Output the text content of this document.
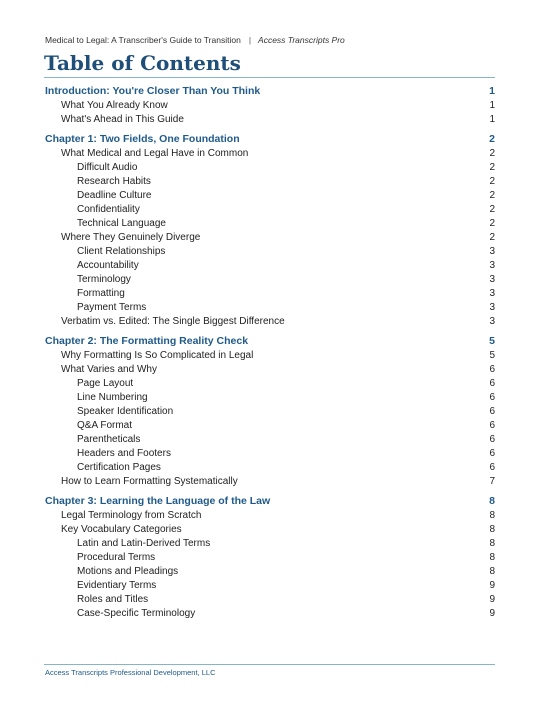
Medical to Legal: A Transcriber's Guide to Transition | Access Transcripts Pro
Table of Contents
Introduction: You're Closer Than You Think	1
What You Already Know	1
What's Ahead in This Guide	1
Chapter 1: Two Fields, One Foundation	2
What Medical and Legal Have in Common	2
Difficult Audio	2
Research Habits	2
Deadline Culture	2
Confidentiality	2
Technical Language	2
Where They Genuinely Diverge	2
Client Relationships	3
Accountability	3
Terminology	3
Formatting	3
Payment Terms	3
Verbatim vs. Edited: The Single Biggest Difference	3
Chapter 2: The Formatting Reality Check	5
Why Formatting Is So Complicated in Legal	5
What Varies and Why	6
Page Layout	6
Line Numbering	6
Speaker Identification	6
Q&A Format	6
Parentheticals	6
Headers and Footers	6
Certification Pages	6
How to Learn Formatting Systematically	7
Chapter 3: Learning the Language of the Law	8
Legal Terminology from Scratch	8
Key Vocabulary Categories	8
Latin and Latin-Derived Terms	8
Procedural Terms	8
Motions and Pleadings	8
Evidentiary Terms	9
Roles and Titles	9
Case-Specific Terminology	9
Access Transcripts Professional Development, LLC
